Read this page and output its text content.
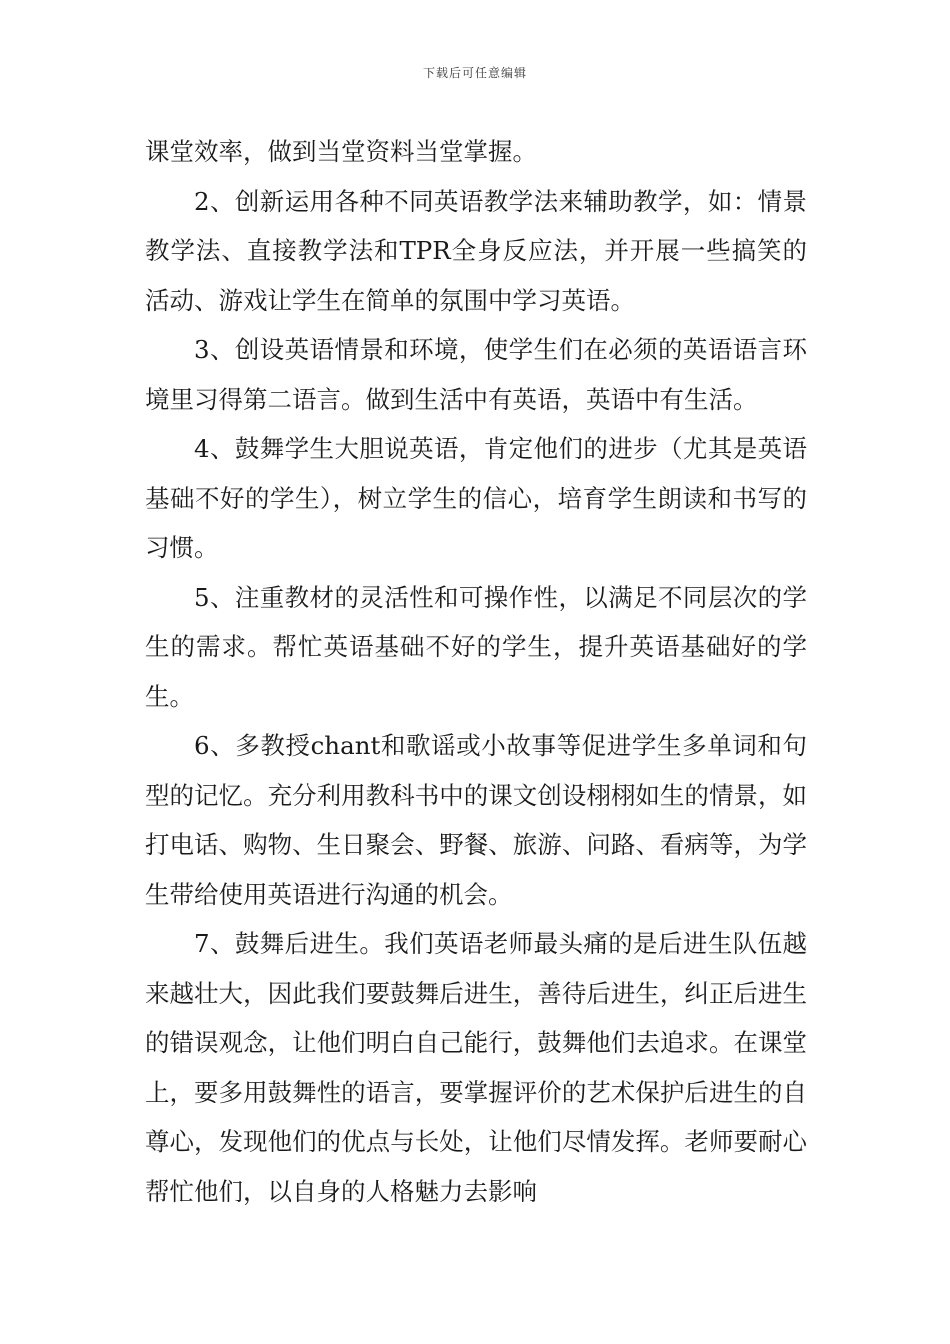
下载后可任意编辑

课堂效率，做到当堂资料当堂掌握。

2、创新运用各种不同英语教学法来辅助教学，如：情景教学法、直接教学法和TPR全身反应法，并开展一些搞笑的活动、游戏让学生在简单的氛围中学习英语。

3、创设英语情景和环境，使学生们在必须的英语语言环境里习得第二语言。做到生活中有英语，英语中有生活。

4、鼓舞学生大胆说英语，肯定他们的进步（尤其是英语基础不好的学生），树立学生的信心，培育学生朗读和书写的习惯。

5、注重教材的灵活性和可操作性，以满足不同层次的学生的需求。帮忙英语基础不好的学生，提升英语基础好的学生。

6、多教授chant和歌谣或小故事等促进学生多单词和句型的记忆。充分利用教科书中的课文创设栩栩如生的情景，如打电话、购物、生日聚会、野餐、旅游、问路、看病等，为学生带给使用英语进行沟通的机会。

7、鼓舞后进生。我们英语老师最头痛的是后进生队伍越来越壮大，因此我们要鼓舞后进生，善待后进生，纠正后进生的错误观念，让他们明白自己能行，鼓舞他们去追求。在课堂上，要多用鼓舞性的语言，要掌握评价的艺术保护后进生的自尊心，发现他们的优点与长处，让他们尽情发挥。老师要耐心帮忙他们，以自身的人格魅力去影响
